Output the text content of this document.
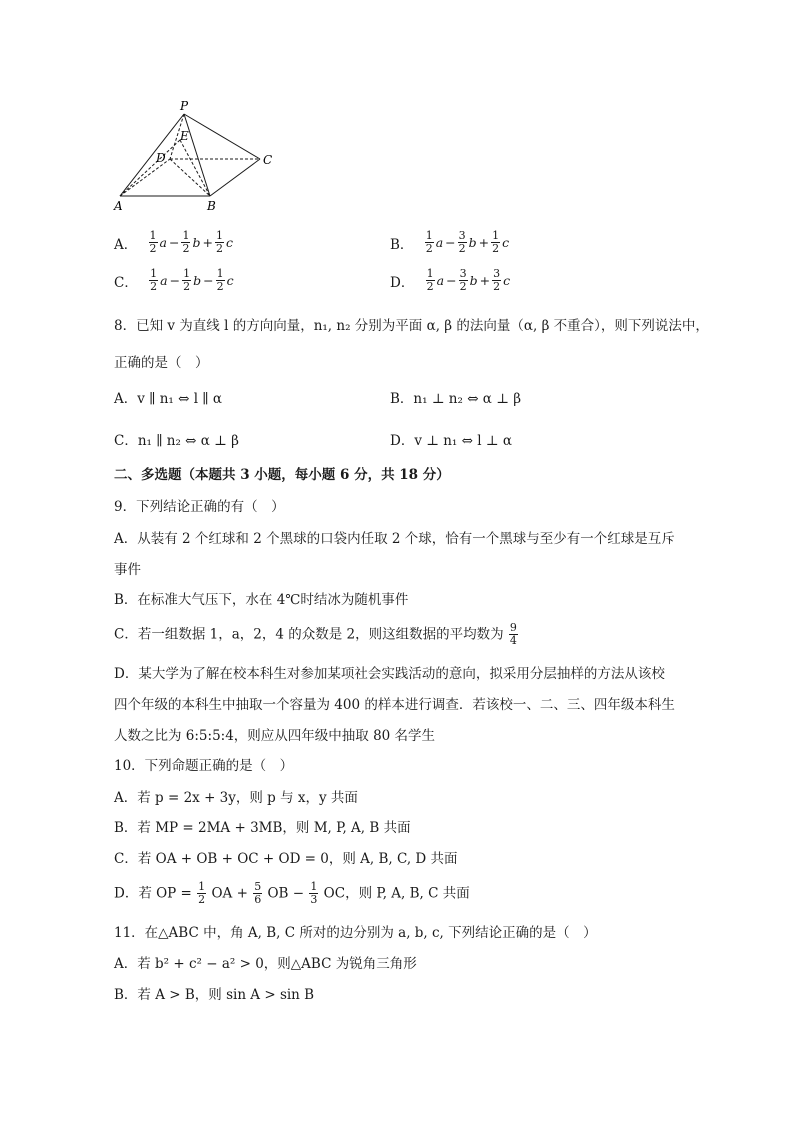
P
E
D	C
A	B
A． $\frac{1}{2}$ $a - \frac{1}{2}$ $b + \frac{1}{2}$ c	B． $\frac{1}{2}$ $a - \frac{3}{2}$ $b + \frac{1}{2}$ c
C． $\frac{1}{2}$ $a - \frac{1}{2}$ $b - \frac{1}{2}$ c	D． $\frac{1}{2}$ $a - \frac{3}{2}$ $b + \frac{3}{2}$ c
8．已知 v 为直线 l 的方向向量，n₁, n₂ 分别为平面 α, β 的法向量（α, β 不重合），则下列说法中，
正确的是（　）
A．v ∥ n₁ ⇔ l ∥ α	B．n₁ ⊥ n₂ ⇔ α ⊥ β
C．n₁ ∥ n₂ ⇔ α ⊥ β	D．v ⊥ n₁ ⇔ l ⊥ α
二、多选题（本题共 3 小题，每小题 6 分，共 18 分）
9．下列结论正确的有（　）
A．从装有 2 个红球和 2 个黑球的口袋内任取 2 个球，恰有一个黑球与至少有一个红球是互斥
事件
B．在标准大气压下，水在 4℃时结冰为随机事件
C．若一组数据 1，a，2，4 的众数是 2，则这组数据的平均数为 $\frac{9}{4}$
D．某大学为了解在校本科生对参加某项社会实践活动的意向，拟采用分层抽样的方法从该校
四个年级的本科生中抽取一个容量为 400 的样本进行调查．若该校一、二、三、四年级本科生
人数之比为 6:5:5:4，则应从四年级中抽取 80 名学生
10．下列命题正确的是（　）
A．若 p = 2x + 3y，则 p 与 x，y 共面
B．若 MP = 2MA + 3MB，则 M, P, A, B 共面
C．若 OA + OB + OC + OD = 0，则 A, B, C, D 共面
D．若 OP = $\frac{1}{2}$ OA + $\frac{5}{6}$ OB − $\frac{1}{3}$ OC，则 P, A, B, C 共面
11．在△ABC 中，角 A, B, C 所对的边分别为 a, b, c, 下列结论正确的是（　）
A．若 b² + c² − a² > 0，则△ABC 为锐角三角形
B．若 A > B，则 sin A > sin B
